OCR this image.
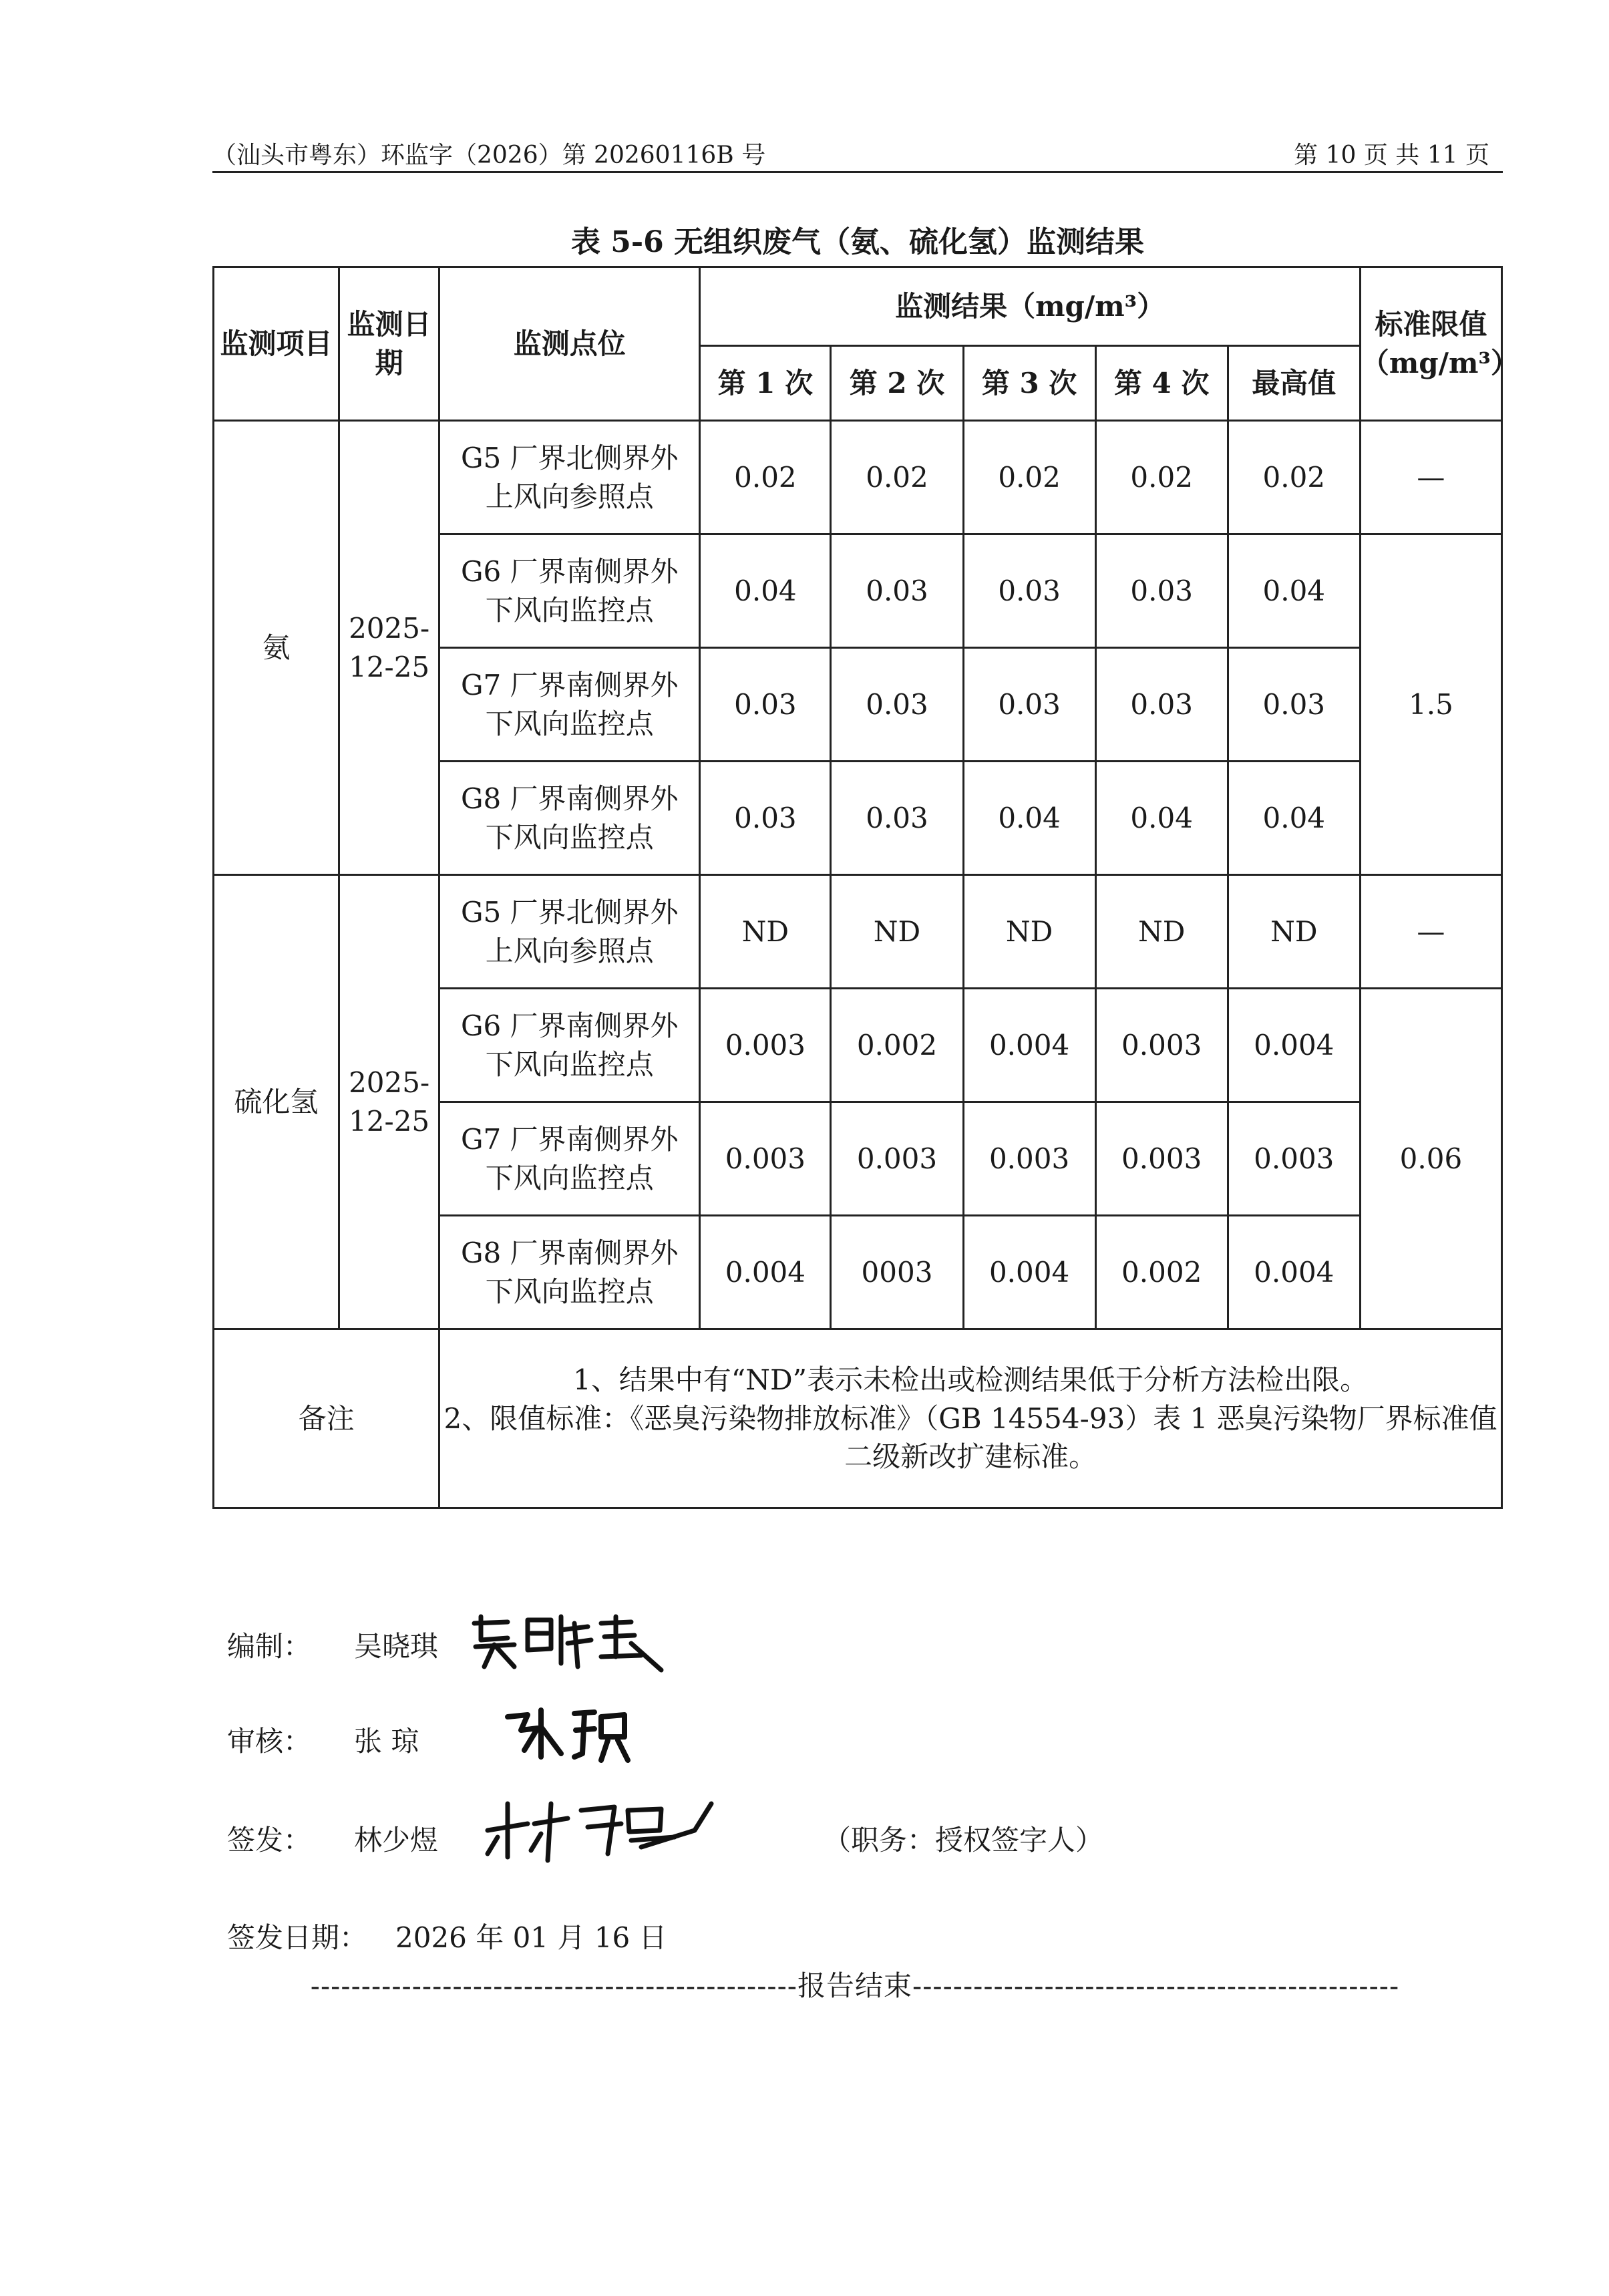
（汕头市粤东）环监字（2026）第 20260116B 号	第 10 页 共 11 页
表 5-6 无组织废气（氨、硫化氢）监测结果
监测项目	监测日期	监测点位	监测结果（mg/m³）					标准限值（mg/m³）
			第 1 次	第 2 次	第 3 次	第 4 次	最高值	
氨	2025-12-25	G5 厂界北侧界外上风向参照点	0.02	0.02	0.02	0.02	0.02	—
		G6 厂界南侧界外下风向监控点	0.04	0.03	0.03	0.03	0.04	1.5
		G7 厂界南侧界外下风向监控点	0.03	0.03	0.03	0.03	0.03	
		G8 厂界南侧界外下风向监控点	0.03	0.03	0.04	0.04	0.04	
硫化氢	2025-12-25	G5 厂界北侧界外上风向参照点	ND	ND	ND	ND	ND	—
		G6 厂界南侧界外下风向监控点	0.003	0.002	0.004	0.003	0.004	0.06
		G7 厂界南侧界外下风向监控点	0.003	0.003	0.003	0.003	0.003	
		G8 厂界南侧界外下风向监控点	0.004	0003	0.004	0.002	0.004	
备注		1、结果中有“ND”表示未检出或检测结果低于分析方法检出限。
2、限值标准：《恶臭污染物排放标准》（GB 14554-93）表 1 恶臭污染物厂界标准值二级新改扩建标准。						
编制： 吴晓琪
审核： 张 琼
签发： 林少煜	（职务：授权签字人）
签发日期： 2026 年 01 月 16 日
------------------------------------------------报告结束------------------------------------------------
